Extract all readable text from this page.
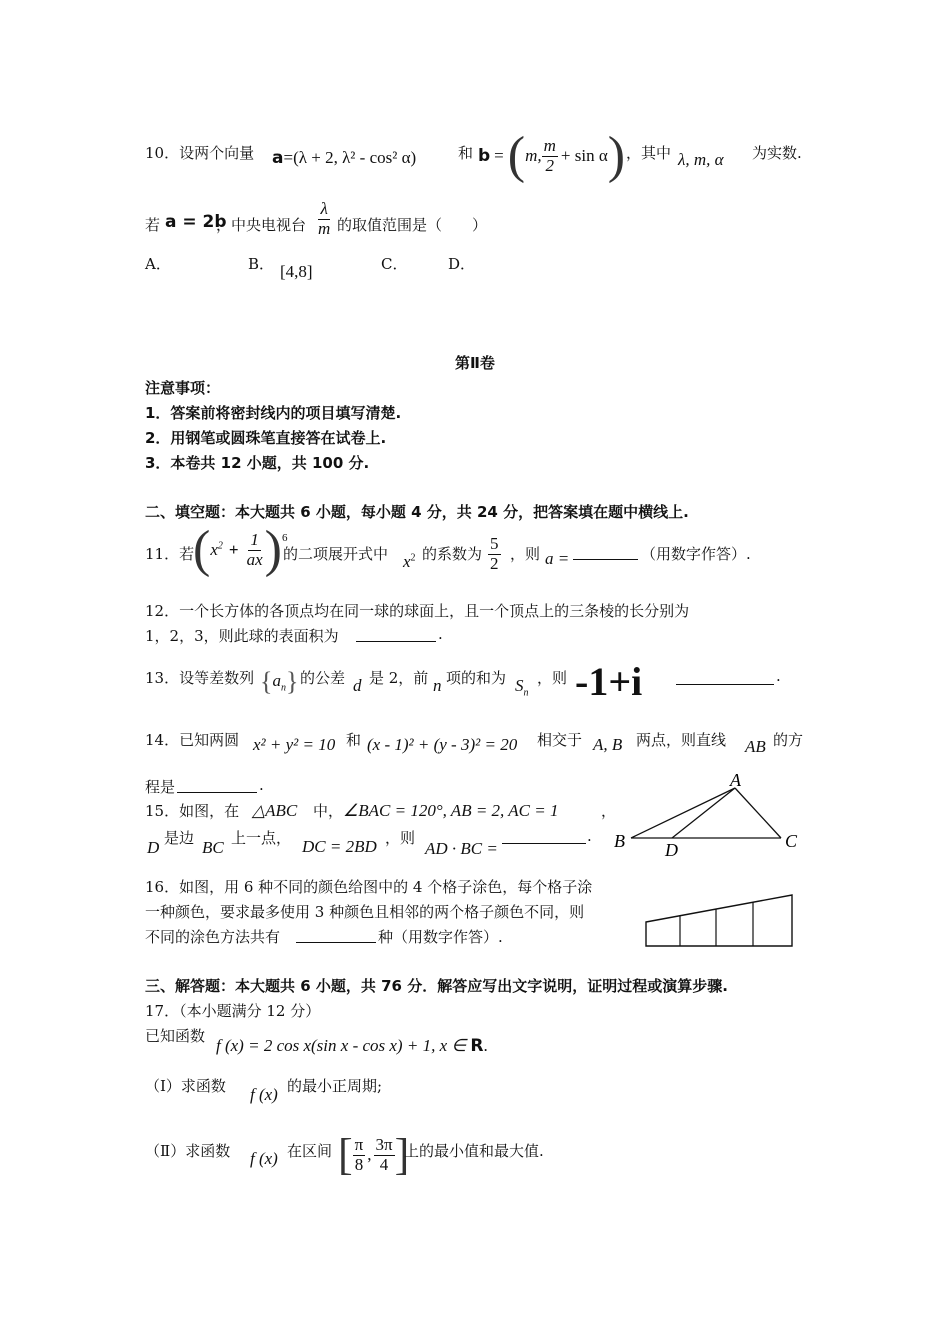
10．设两个向量 a=(λ + 2, λ² - cos² α)	和 b = ( m, $\frac{m}{2} + \sin \alpha$ ) ，其中 λ, m, α 为实数.
若 a = 2b
，中央电视台 $\frac{\lambda}{m}$ 的取值范围是（　　）
A．	B． [4,8]	C．	D．
第Ⅱ卷
注意事项：
1．答案前将密封线内的项目填写清楚.
2．用钢笔或圆珠笔直接答在试卷上.
3．本卷共 12 小题，共 100 分.
二、填空题：本大题共 6 小题，每小题 4 分，共 24 分，把答案填在题中横线上.
11．若
( $x^2 + \frac{1}{ax}$ ) 6
的二项展开式中 $x^2$ 的系数为 $\frac{5}{2}$ ，则 a =	（用数字作答）.
12．一个长方体的各顶点均在同一球的球面上，且一个顶点上的三条棱的长分别为
1，2，3，则此球的表面积为	.
13．设等差数列 { $a_n$ } 的公差 d 是 2，前 n 项的和为 $S_n$
，则 -1+i	.
14．已知两圆 x² + y² = 10 和 (x - 1)² + (y - 3)² = 20 相交于 A, B 两点，则直线 AB 的方
程是	.
15．如图，在 △ABC 中， ∠BAC = 120°, AB = 2, AC = 1	，
D 是边 BC 上一点， DC = 2BD ，则
AD · BC =
.
A
B	C
D
16．如图，用 6 种不同的颜色给图中的 4 个格子涂色，每个格子涂
一种颜色，要求最多使用 3 种颜色且相邻的两个格子颜色不同，则
不同的涂色方法共有	种（用数字作答）.
三、解答题：本大题共 6 小题，共 76 分．解答应写出文字说明，证明过程或演算步骤.
17．（本小题满分 12 分）
已知函数 f (x) = 2 cos x(sin x - cos x) + 1, x ∈ R.
（Ⅰ）求函数 f (x) 的最小正周期;
（Ⅱ）求函数 f (x) 在区间 [ $\frac{\pi}{8}$ , $\frac{3\pi}{4}$ ]
上的最小值和最大值.
